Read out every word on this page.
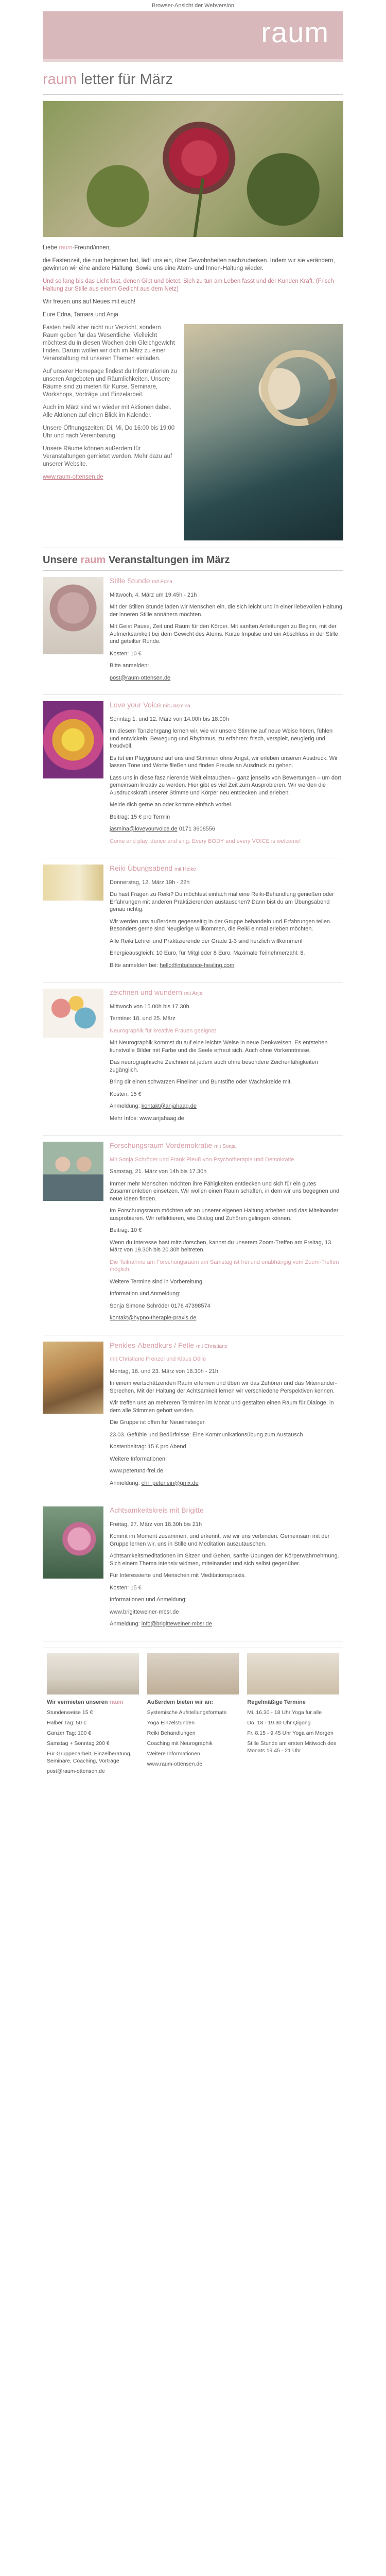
Browser-Ansicht der Webversion
raum
raum letter für März

Liebe raum-Freund/innen,

die Fastenzeit, die nun beginnen hat, lädt uns ein, über Gewohnheiten nachzudenken. Indem wir sie verändern, gewinnen wir eine andere Haltung. Sowie uns eine Atem- und Innen-Haltung wieder.

Und so lang bis das Licht fast, denen Gibt und bietet. Sich zu tun am Leben fasst und der Kunden Kraft. (Frisch Haltung zur Stille aus einem Gedicht aus dem Netz)

Wir freuen uns auf Neues mit euch!

Eure Edna, Tamara und Anja

Fasten heißt aber nicht nur Verzicht, sondern Raum geben für das Wesentliche. Vielleicht möchtest du in diesen Wochen dein Gleichgewicht finden. Darum wollen wir dich im März zu einer Veranstaltung mit unseren Themen einladen.

Auf unserer Homepage findest du Informationen zu unseren Angeboten und Räumlichkeiten. Unsere Räume sind zu mieten für Kurse, Seminare, Workshops, Vorträge und Einzelarbeit.

Auch im März sind wir wieder mit Aktionen dabei. Alle Aktionen auf einen Blick im Kalender.

Unsere Öffnungszeiten: Di, Mi, Do 16:00 bis 19:00 Uhr und nach Vereinbarung.

Unsere Räume können außerdem für Veranstaltungen gemietet werden. Mehr dazu auf unserer Website.

www.raum-ottensen.de

Unsere raum Veranstaltungen im März
Stille Stunde mit Edna

Mittwoch, 4. März um 19.45h - 21h

Mit der Stillen Stunde laden wir Menschen ein, die sich leicht und in einer liebevollen Haltung der inneren Stille annähern möchten.

Mit Geist Pause, Zeit und Raum für den Körper. Mit sanften Anleitungen zu Beginn, mit der Aufmerksamkeit bei dem Gewicht des Atems. Kurze Impulse und ein Abschluss in der Stille und geteilter Runde.

Kosten: 10 €

Bitte anmelden:

post@raum-ottensen.de

Love your Voice mit Jasmina

Sonntag 1. und 12. März von 14.00h bis 18.00h

Im diesem Tanzlehrgang lernen wir, wie wir unsere Stimme auf neue Weise hören, fühlen und entwickeln. Bewegung und Rhythmus, zu erfahren: frisch, verspielt, neugierig und freudvoll.

Es tut ein Playground auf uns und Stimmen ohne Angst, wir erleben unseren Ausdruck. Wir lassen Töne und Worte fließen und finden Freude an Ausdruck zu gehen.

Lass uns in diese faszinierende Welt eintauchen – ganz jenseits von Bewertungen – um dort gemeinsam kreativ zu werden. Hier gibt es viel Zeit zum Ausprobieren. Wir werden die Ausdruckskraft unserer Stimme und Körper neu entdecken und erleben.

Melde dich gerne an oder komme einfach vorbei.

Beitrag: 15 € pro Termin

jasmina@loveyourvoice.de 0171 3608556

Come and play, dance and sing. Every BODY and every VOICE is welcome!

Reiki Übungsabend mit Heike

Donnerstag, 12. März 19h - 22h

Du hast Fragen zu Reiki? Du möchtest einfach mal eine Reiki-Behandlung genießen oder Erfahrungen mit anderen Praktizierenden austauschen? Dann bist du am Übungsabend genau richtig.

Wir werden uns außerdem gegenseitig in der Gruppe behandeln und Erfahrungen teilen. Besonders gerne sind Neugierige willkommen, die Reiki einmal erleben möchten.

Alle Reiki Lehrer und Praktizierende der Grade 1-3 sind herzlich willkommen!

Energieausgleich: 10 Euro, für Mitglieder 8 Euro. Maximale Teilnehmerzahl: 8.

Bitte anmelden bei: hello@mbalance-healing.com

zeichnen und wundern mit Anja

Mittwoch von 15.00h bis 17.30h

Termine: 18. und 25. März

Neurographik für kreative Frauen geeignet

Mit Neurographik kommst du auf eine leichte Weise in neue Denkweisen. Es entstehen kunstvolle Bilder mit Farbe und die Seele erfreut sich. Auch ohne Vorkenntnisse.

Das neurographische Zeichnen ist jedem auch ohne besondere Zeichenfähigkeiten zugänglich.

Bring dir einen schwarzen Fineliner und Buntstifte oder Wachskreide mit.

Kosten: 15 €

Anmeldung: kontakt@anjahaag.de

Mehr Infos: www.anjahaag.de

Forschungsraum Vordemokratie mit Sonja

Mit Sonja Schröder und Frank Pleuß von Psychotherapie und Demokratie

Samstag, 21. März von 14h bis 17.30h

Immer mehr Menschen möchten ihre Fähigkeiten entdecken und sich für ein gutes Zusammenleben einsetzen. Wir wollen einen Raum schaffen, in dem wir uns begegnen und neue Ideen finden.

Im Forschungsraum möchten wir an unserer eigenen Haltung arbeiten und das Miteinander ausprobieren. Wir reflektieren, wie Dialog und Zuhören gelingen können.

Beitrag: 10 €

Wenn du Interesse hast mitzuforschen, kannst du unserem Zoom-Treffen am Freitag, 13. März von 19.30h bis 20.30h beitreten.

Die Teilnahme am Forschungsraum am Samstag ist frei und unabhängig vom Zoom-Treffen möglich.

Weitere Termine sind in Vorbereitung.

Information und Anmeldung:

Sonja Simone Schröder 0176 47398574

kontakt@hypno-therapie-praxis.de

Perikles-Abendkurs / Fetle mit Christiane

mit Christiane Frenzel und Klaus Dölle

Montag, 16. und 23. März von 18.30h - 21h

In einem wertschätzenden Raum erlernen und üben wir das Zuhören und das Miteinander-Sprechen. Mit der Haltung der Achtsamkeit lernen wir verschiedene Perspektiven kennen.

Wir treffen uns an mehreren Terminen im Monat und gestalten einen Raum für Dialoge, in dem alle Stimmen gehört werden.

Die Gruppe ist offen für Neueinsteiger.

23.03. Gefühle und Bedürfnisse: Eine Kommunikationsübung zum Austausch

Kostenbeitrag: 15 € pro Abend

Weitere Informationen:

www.peterund-frei.de

Anmeldung: chr_peterlein@gmx.de

Achtsamkeitskreis mit Brigitte

Freitag, 27. März von 18.30h bis 21h

Kommt im Moment zusammen, und erkennt, wie wir uns verbinden. Gemeinsam mit der Gruppe lernen wir, uns in Stille und Meditation auszutauschen.

Achtsamkeitsmeditationen im Sitzen und Gehen, sanfte Übungen der Körperwahrnehmung. Sich einem Thema intensiv widmen, miteinander und sich selbst gegenüber.

Für Interessierte und Menschen mit Meditationspraxis.

Kosten: 15 €

Informationen und Anmeldung:

www.brigitteweiner-mbsr.de

Anmeldung: info@brigitteweiner-mbsr.de

Wir vermieten unseren raum

Stundenweise 15 €

Halber Tag: 50 €

Ganzer Tag: 100 €

Samstag + Sonntag 200 €

Für Gruppenarbeit, Einzelberatung, Seminare, Coaching, Vorträge

post@raum-ottensen.de

Außerdem bieten wir an:

Systemische Aufstellungsformate

Yoga Einzelstunden

Reiki Behandlungen

Coaching mit Neurographik

Weitere Informationen

www.raum-ottensen.de

Regelmäßige Termine

Mi. 16.30 - 18 Uhr Yoga für alle

Do. 18 - 19.30 Uhr Qigong

Fr. 8.15 - 9.45 Uhr Yoga am Morgen

Stille Stunde am ersten Mittwoch des Monats 19.45 - 21 Uhr
